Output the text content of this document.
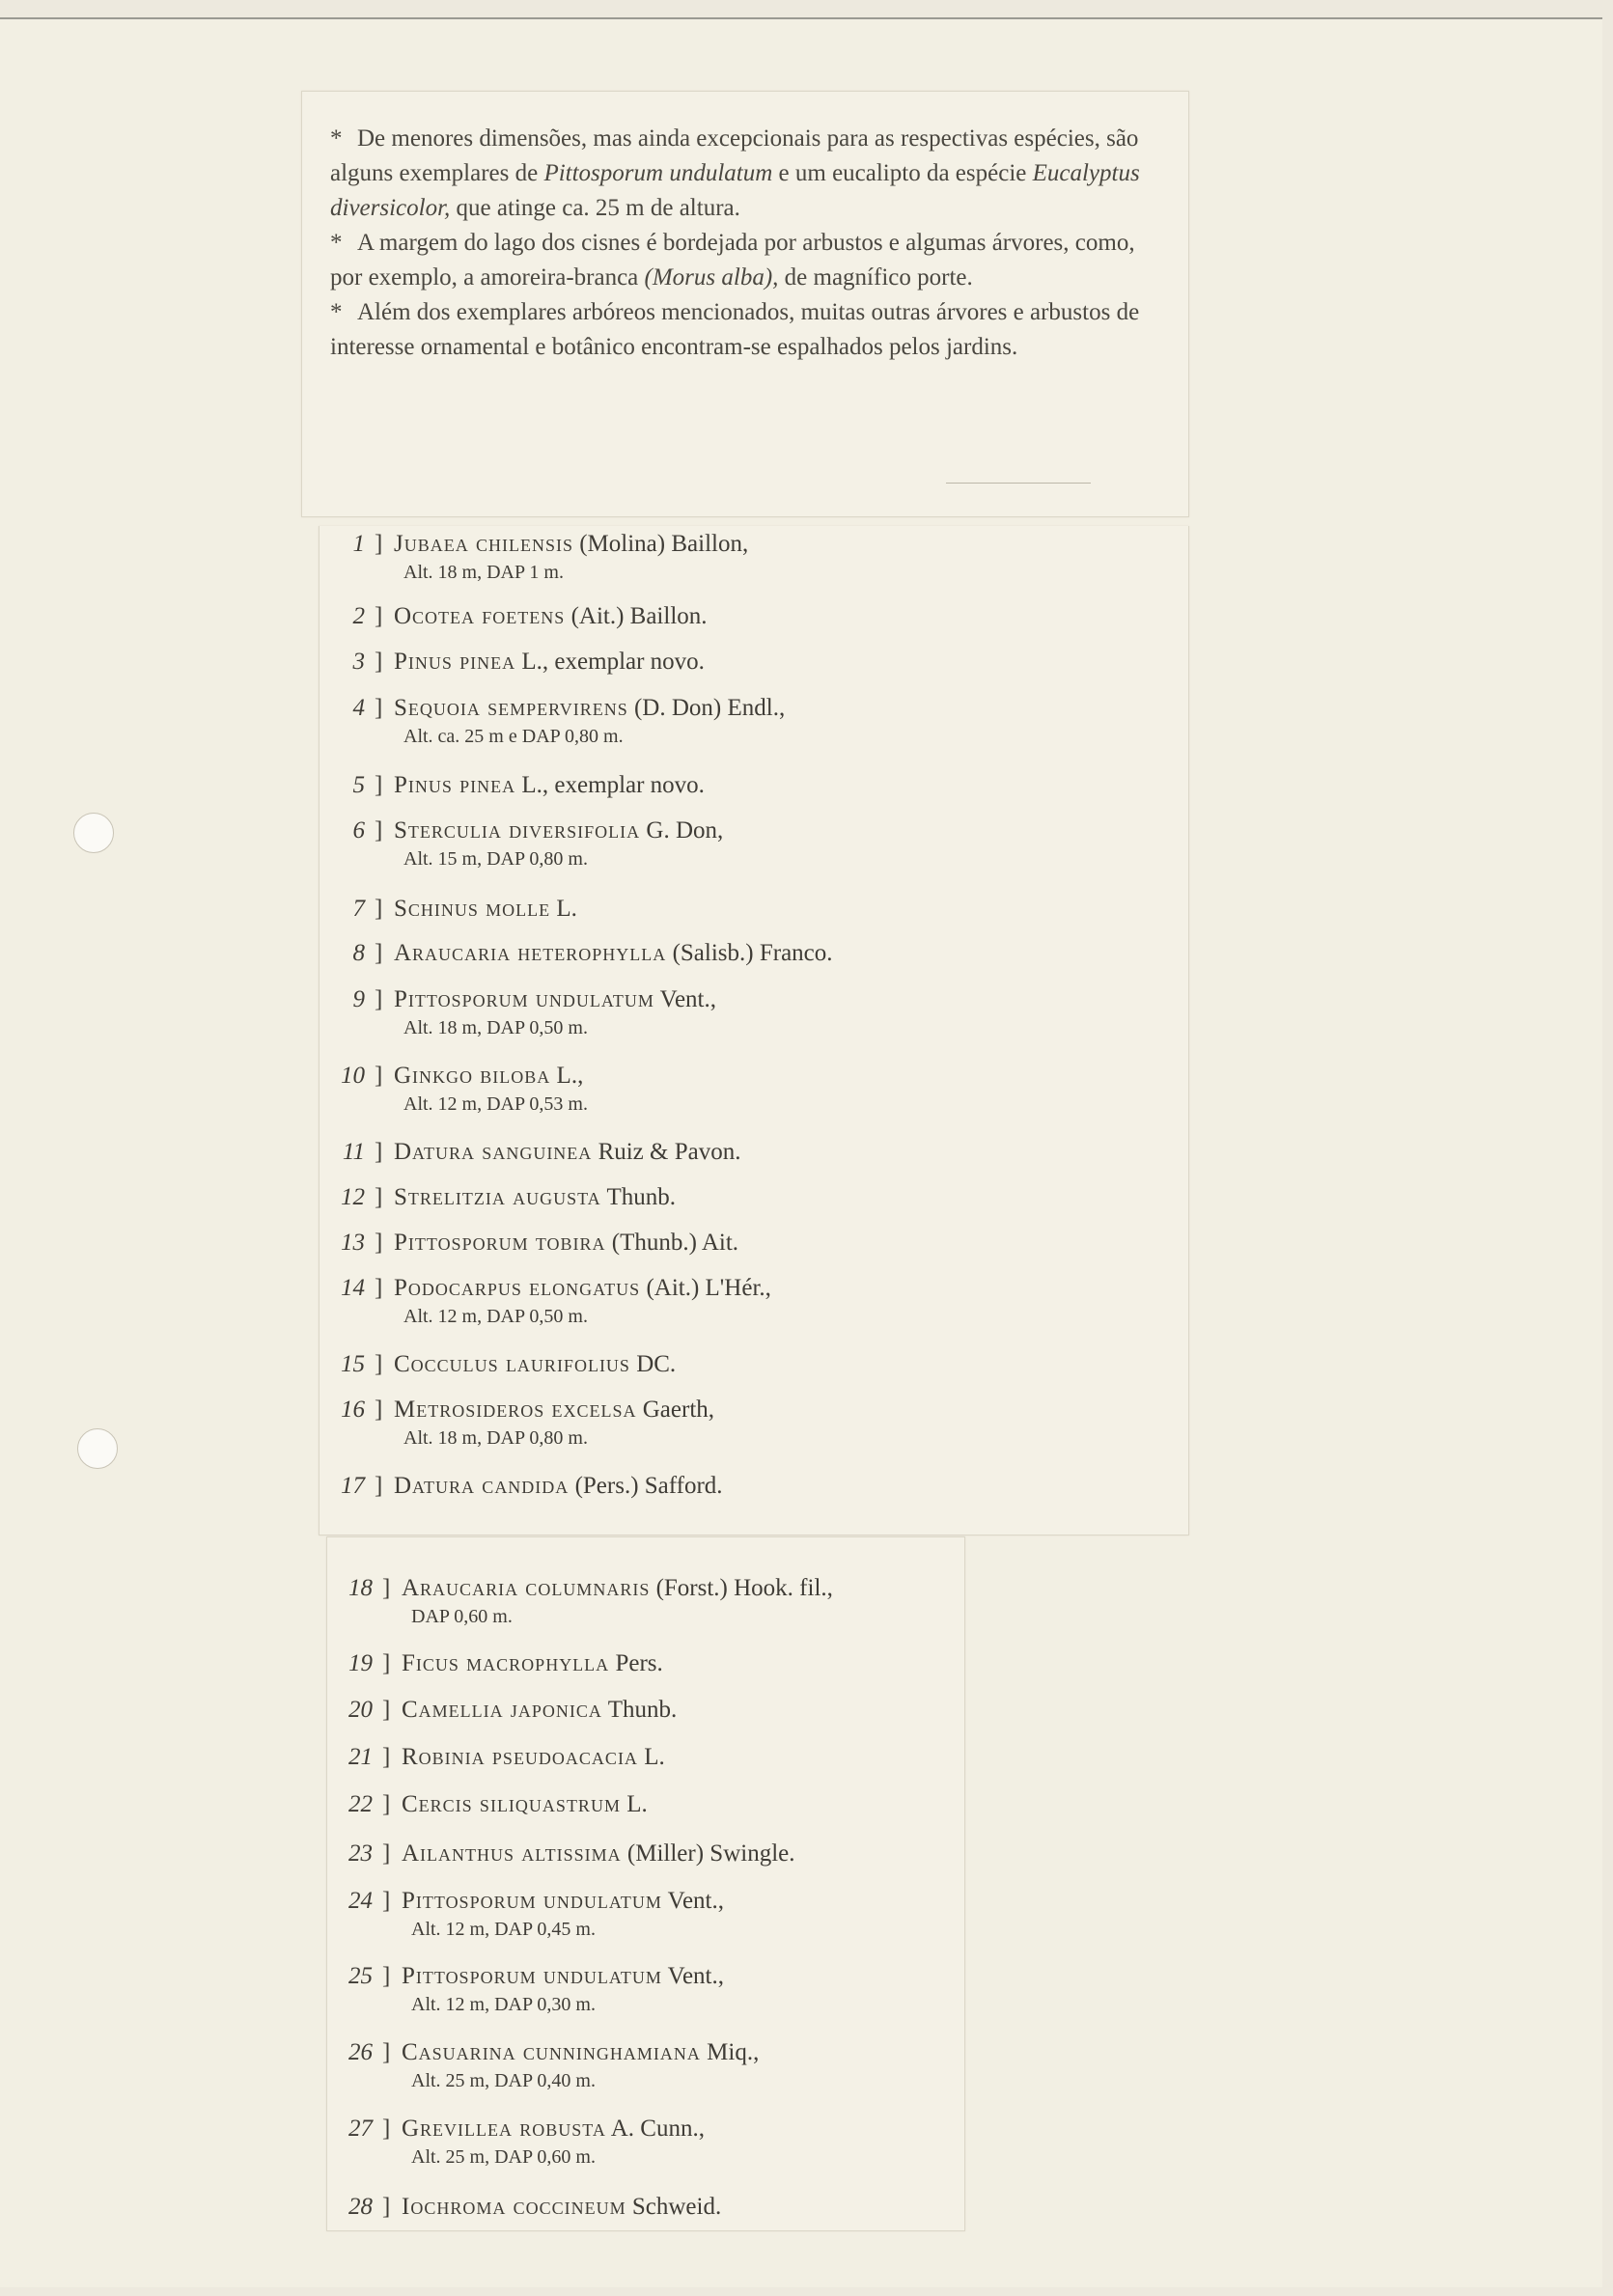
* De menores dimensões, mas ainda excepcionais para as respectivas espécies, são alguns exemplares de Pittosporum undulatum e um eucalipto da espécie Eucalyptus diversicolor, que atinge ca. 25 m de altura.

* A margem do lago dos cisnes é bordejada por arbustos e algumas árvores, como, por exemplo, a amoreira-branca (Morus alba), de magnífico porte.

* Além dos exemplares arbóreos mencionados, muitas outras árvores e arbustos de interesse ornamental e botânico encontram-se espalhados pelos jardins.

1 ] Jubaea chilensis (Molina) Baillon,
Alt. 18 m, DAP 1 m.
2 ] Ocotea foetens (Ait.) Baillon.
3 ] Pinus pinea L., exemplar novo.
4 ] Sequoia sempervirens (D. Don) Endl.,
Alt. ca. 25 m e DAP 0,80 m.
5 ] Pinus pinea L., exemplar novo.
6 ] Sterculia diversifolia G. Don,
Alt. 15 m, DAP 0,80 m.
7 ] Schinus molle L.
8 ] Araucaria heterophylla (Salisb.) Franco.
9 ] Pittosporum undulatum Vent.,
Alt. 18 m, DAP 0,50 m.
10 ] Ginkgo biloba L.,
Alt. 12 m, DAP 0,53 m.
11 ] Datura sanguinea Ruiz & Pavon.
12 ] Strelitzia augusta Thunb.
13 ] Pittosporum tobira (Thunb.) Ait.
14 ] Podocarpus elongatus (Ait.) L'Hér.,
Alt. 12 m, DAP 0,50 m.
15 ] Cocculus laurifolius DC.
16 ] Metrosideros excelsa Gaerth,
Alt. 18 m, DAP 0,80 m.
17 ] Datura candida (Pers.) Safford.
18 ] Araucaria columnaris (Forst.) Hook. fil.,
DAP 0,60 m.
19 ] Ficus macrophylla Pers.
20 ] Camellia japonica Thunb.
21 ] Robinia pseudoacacia L.
22 ] Cercis siliquastrum L.
23 ] Ailanthus altissima (Miller) Swingle.
24 ] Pittosporum undulatum Vent.,
Alt. 12 m, DAP 0,45 m.
25 ] Pittosporum undulatum Vent.,
Alt. 12 m, DAP 0,30 m.
26 ] Casuarina cunninghamiana Miq.,
Alt. 25 m, DAP 0,40 m.
27 ] Grevillea robusta A. Cunn.,
Alt. 25 m, DAP 0,60 m.
28 ] Iochroma coccineum Schweid.
